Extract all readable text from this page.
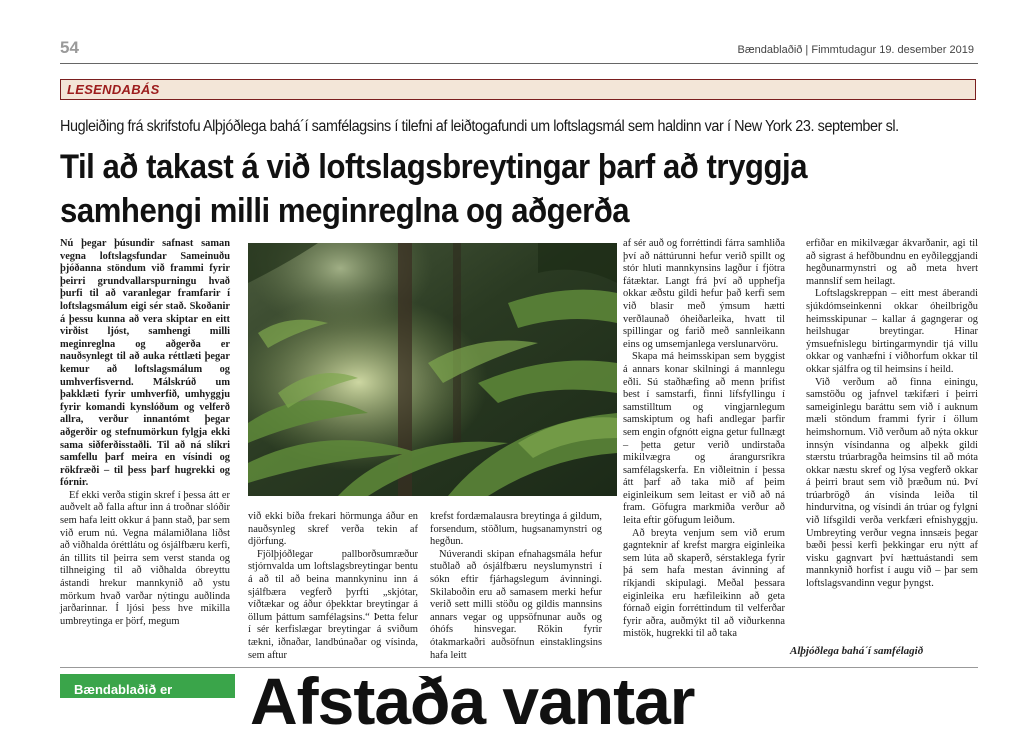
54	Bændablaðið | Fimmtudagur 19. desember 2019
LESENDABÁS
Hugleiðing frá skrifstofu Alþjóðlega bahá´í samfélagsins í tilefni af leiðtogafundi um loftslagsmál sem haldinn var í New York 23. september sl.
Til að takast á við loftslagsbreytingar þarf að tryggja samhengi milli meginreglna og aðgerða

Nú þegar þúsundir safnast saman vegna loftslagsfundar Sameinuðu þjóðanna stöndum við frammi fyrir þeirri grundvallarspurningu hvað þurfi til að varanlegar framfarir í loftslagsmálum eigi sér stað. Skoðanir á þessu kunna að vera skiptar en eitt virðist ljóst, samhengi milli meginreglna og aðgerða er nauðsynlegt til að auka réttlæti þegar kemur að loftslagsmálum og umhverfisvernd. Málskrúð um þakklæti fyrir umhverfið, umhyggju fyrir komandi kynslóðum og velferð allra, verður innantómt þegar aðgerðir og stefnumörkun fylgja ekki sama siðferðisstaðli. Til að ná slíkri samfellu þarf meira en vísindi og rökfræði – til þess þarf hugrekki og fórnir.

Ef ekki verða stigin skref í þessa átt er auðvelt að falla aftur inn á troðnar slóðir sem hafa leitt okkur á þann stað, þar sem við erum nú. Vegna málamiðlana líðst að viðhalda óréttlátu og ósjálfbæru kerfi, án tillits til þeirra sem verst standa og tilhneiging til að viðhalda óbreyttu ástandi hrekur mannkynið að ystu mörkum hvað varðar nýtingu auðlinda jarðarinnar. Í ljósi þess hve mikilla umbreytinga er þörf, megum

við ekki bíða frekari hörmunga áður en nauðsynleg skref verða tekin af djörfung.

Fjölþjóðlegar pallborðsumræður stjórnvalda um loftslagsbreytingar bentu á að til að beina mannkyninu inn á sjálfbæra vegferð þyrfti „skjótar, víðtækar og áður óþekktar breytingar á öllum þáttum samfélagsins.“ Þetta felur í sér kerfislægar breytingar á sviðum tækni, iðnaðar, landbúnaðar og vísinda, sem aftur

krefst fordæmalausra breytinga á gildum, forsendum, stöðlum, hugsanamynstri og hegðun.

Núverandi skipan efnahagsmála hefur stuðlað að ósjálfbæru neyslumynstri í sókn eftir fjárhagslegum ávinningi. Skilaboðin eru að samasem merki hefur verið sett milli stöðu og gildis mannsins annars vegar og uppsöfnunar auðs og óhófs hinsvegar. Rökin fyrir ótakmarkaðri auðsöfnun einstaklingsins hafa leitt

af sér auð og forréttindi fárra samhliða því að náttúrunni hefur verið spillt og stór hluti mannkynsins lagður í fjötra fátæktar. Langt frá því að upphefja okkar æðstu gildi hefur það kerfi sem við blasir með ýmsum hætti verðlaunað óheiðarleika, hvatt til spillingar og farið með sannleikann eins og umsemjanlega verslunarvöru.

Skapa má heimsskipan sem byggist á annars konar skilningi á mannlegu eðli. Sú staðhæfing að menn þrífist best í samstarfi, finni lífsfyllingu í samstilltum og vingjarnlegum samskiptum og hafi andlegar þarfir sem engin ofgnótt eigna getur fullnægt – þetta getur verið undirstaða mikilvægra og árangursríkra samfélagskerfa. En viðleitnin í þessa átt þarf að taka mið af þeim eiginleikum sem leitast er við að ná fram. Göfugra markmiða verður að leita eftir göfugum leiðum.

Að breyta venjum sem við erum gagnteknir af krefst margra eiginleika sem lúta að skaperð, sérstaklega fyrir þá sem hafa mestan ávinning af ríkjandi skipulagi. Meðal þessara eiginleika eru hæfileikinn að geta fórnað eigin forréttindum til velferðar fyrir aðra, auðmýkt til að viðurkenna mistök, hugrekki til að taka

erfiðar en mikilvægar ákvarðanir, agi til að sigrast á hefðbundnu en eyðileggjandi hegðunarmynstri og að meta hvert mannslíf sem heilagt.

Loftslagskreppan – eitt mest áberandi sjúkdómseinkenni okkar óheilbrigðu heimsskipunar – kallar á gagngerar og heilshugar breytingar. Hinar ýmsuefnislegu birtingarmyndir tjá villu okkar og vanhæfni í viðhorfum okkar til okkar sjálfra og til heimsins í heild.

Við verðum að finna einingu, samstöðu og jafnvel tækifæri í þeirri sameiginlegu baráttu sem við í auknum mæli stöndum frammi fyrir í öllum heimshornum. Við verðum að nýta okkur innsýn vísindanna og alþekk gildi stærstu trúarbragða heimsins til að móta okkar næstu skref og lýsa vegferð okkar á þeirri braut sem við þræðum nú. Því trúarbrögð án vísinda leiða til hindurvitna, og vísindi án trúar og fylgni við lífsgildi verða verkfæri efnishyggju. Umbreyting verður vegna innsæis þegar bæði þessi kerfi þekkingar eru nýtt af visku gagnvart því hættuástandi sem mannkynið horfist í augu við – þar sem loftslagsvandinn vegur þyngst.

Alþjóðlega bahá´í samfélagið
Bændablaðið er Afstaða vantar
